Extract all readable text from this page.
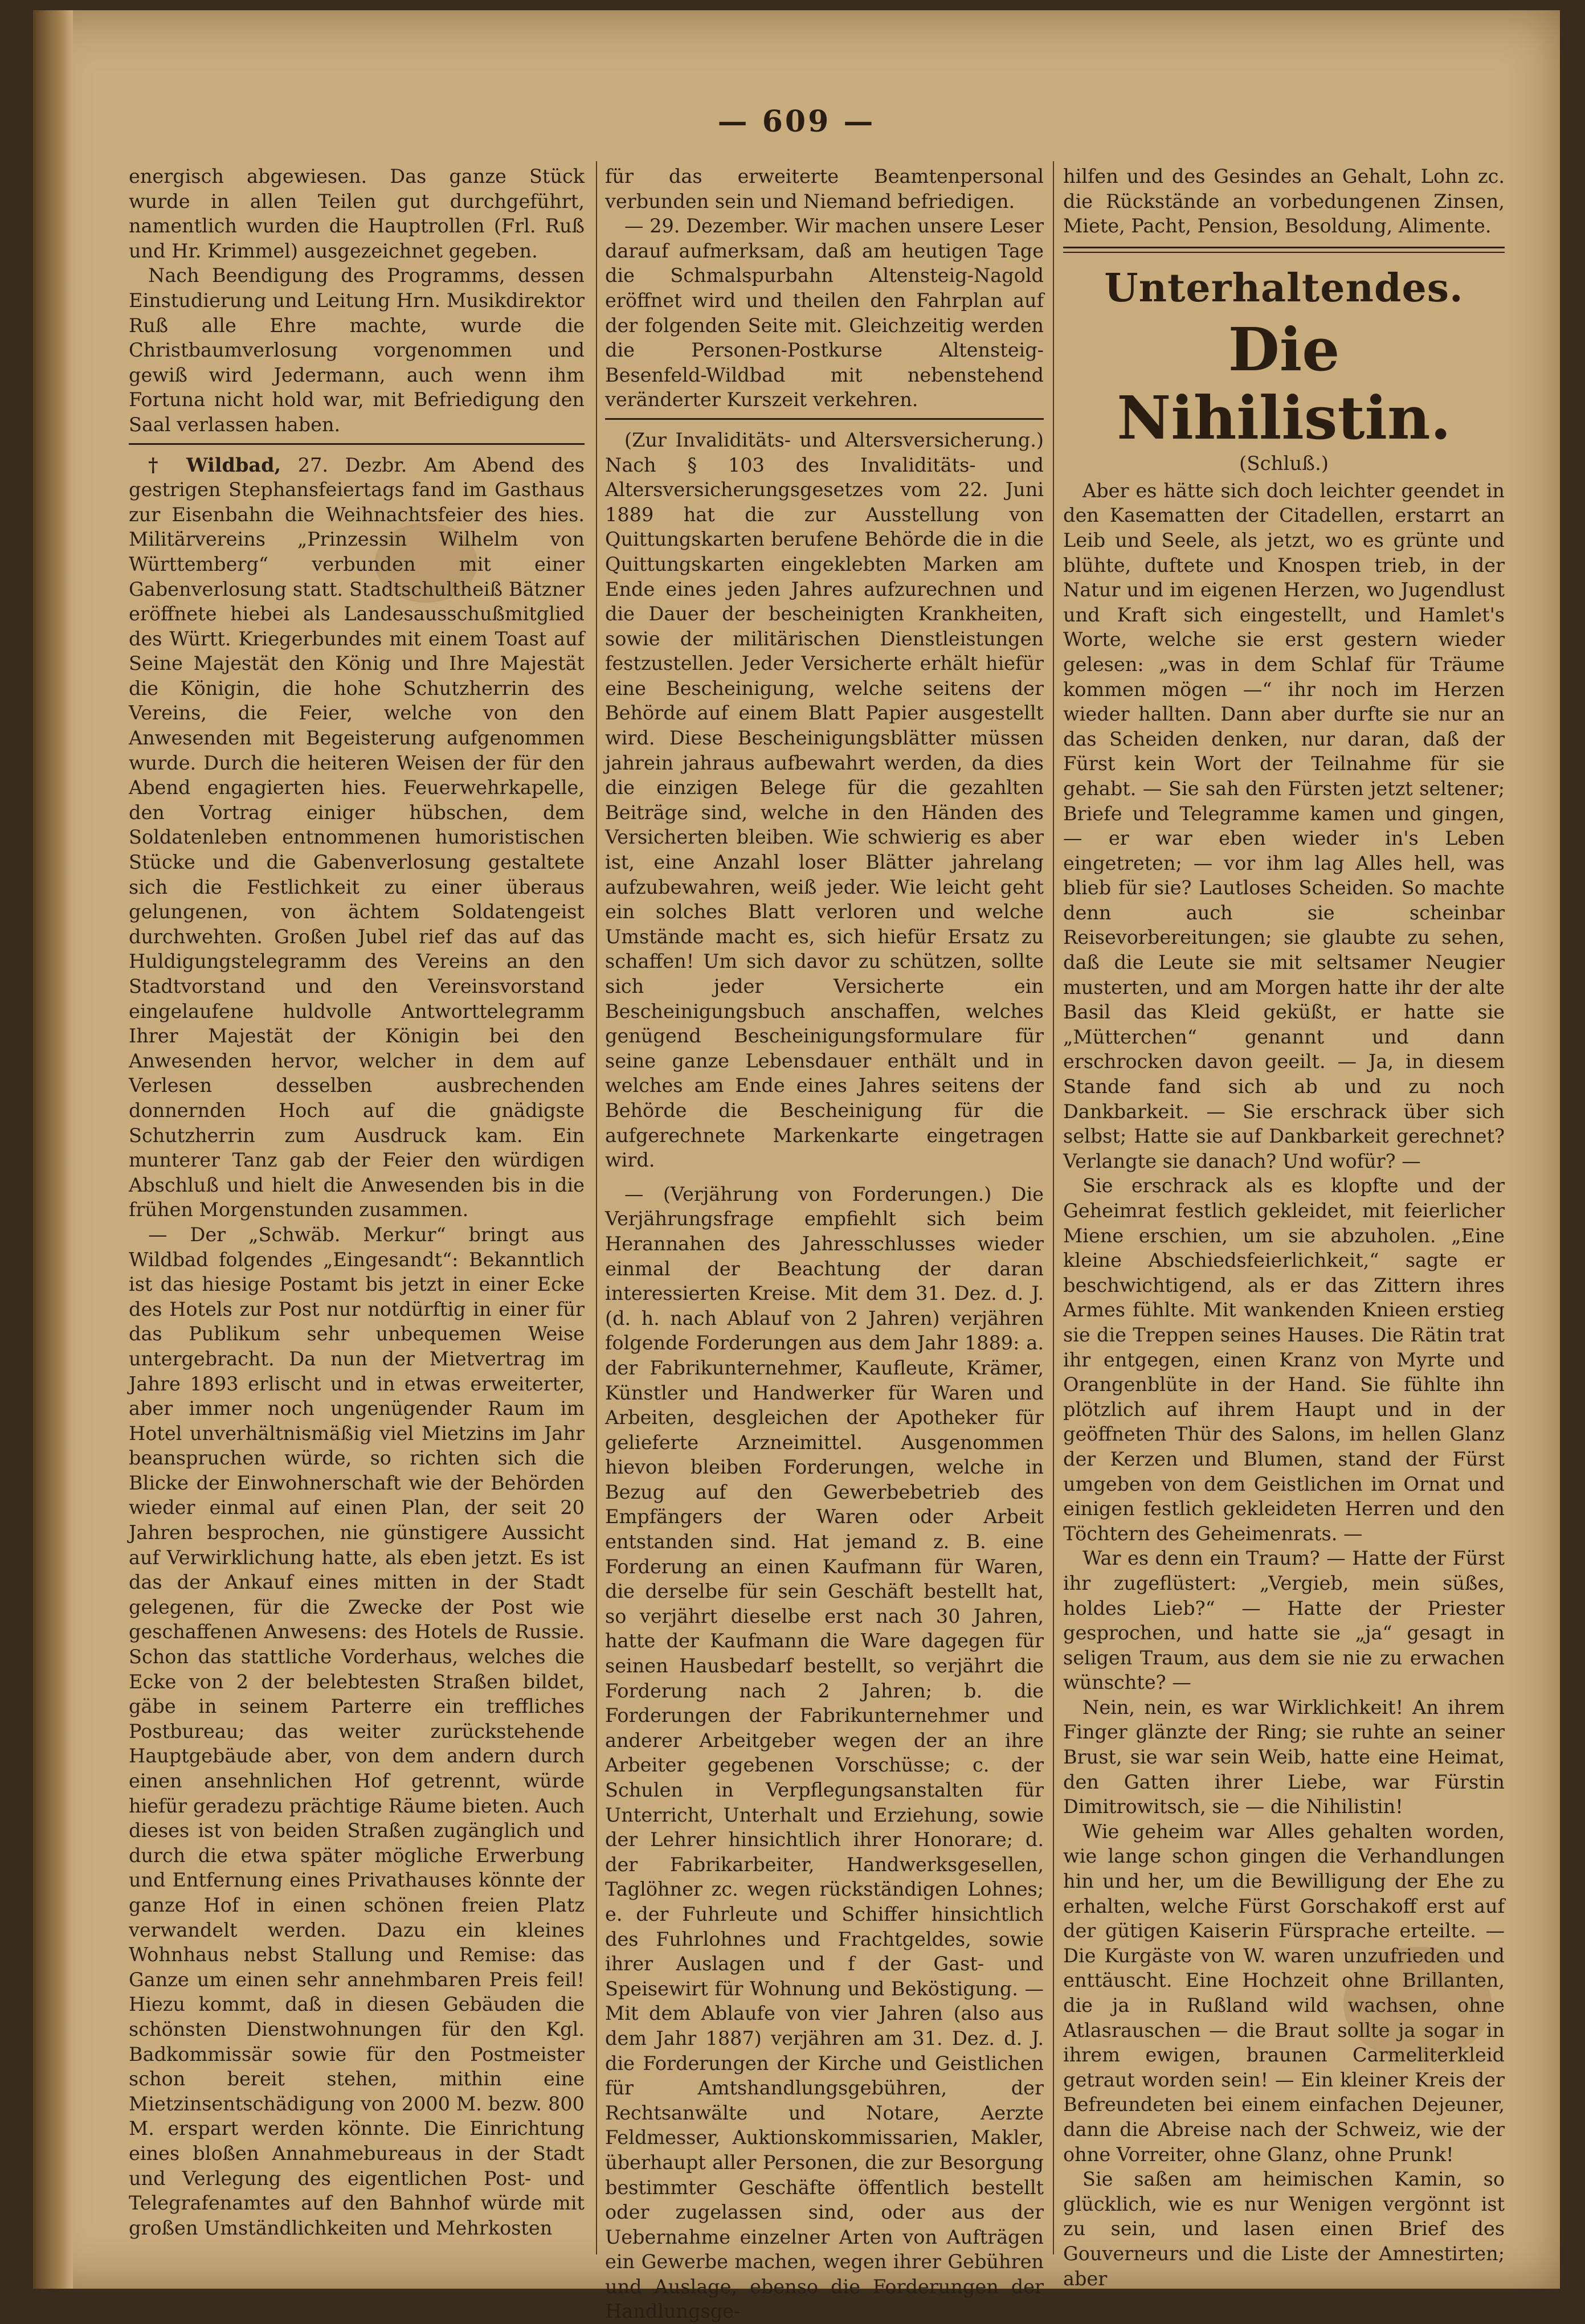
— 609 —

energisch abgewiesen. Das ganze Stück wurde in allen Teilen gut durchgeführt, namentlich wurden die Hauptrollen (Frl. Ruß und Hr. Krimmel) ausgezeichnet gegeben.

Nach Beendigung des Programms, dessen Einstudierung und Leitung Hrn. Musikdirektor Ruß alle Ehre machte, wurde die Christbaumverlosung vorgenommen und gewiß wird Jedermann, auch wenn ihm Fortuna nicht hold war, mit Befriedigung den Saal verlassen haben.

† Wildbad, 27. Dezbr. Am Abend des gestrigen Stephansfeiertags fand im Gasthaus zur Eisenbahn die Weihnachtsfeier des hies. Militärvereins „Prinzessin Wilhelm von Württemberg“ verbunden mit einer Gabenverlosung statt. Stadtschultheiß Bätzner eröffnete hiebei als Landesausschußmitglied des Württ. Kriegerbundes mit einem Toast auf Seine Majestät den König und Ihre Majestät die Königin, die hohe Schutzherrin des Vereins, die Feier, welche von den Anwesenden mit Begeisterung aufgenommen wurde. Durch die heiteren Weisen der für den Abend engagierten hies. Feuerwehrkapelle, den Vortrag einiger hübschen, dem Soldatenleben entnommenen humoristischen Stücke und die Gabenverlosung gestaltete sich die Festlichkeit zu einer überaus gelungenen, von ächtem Soldatengeist durchwehten. Großen Jubel rief das auf das Huldigungstelegramm des Vereins an den Stadtvorstand und den Vereinsvorstand eingelaufene huldvolle Antworttelegramm Ihrer Majestät der Königin bei den Anwesenden hervor, welcher in dem auf Verlesen desselben ausbrechenden donnernden Hoch auf die gnädigste Schutzherrin zum Ausdruck kam. Ein munterer Tanz gab der Feier den würdigen Abschluß und hielt die Anwesenden bis in die frühen Morgenstunden zusammen.

— Der „Schwäb. Merkur“ bringt aus Wildbad folgendes „Eingesandt“: Bekanntlich ist das hiesige Postamt bis jetzt in einer Ecke des Hotels zur Post nur notdürftig in einer für das Publikum sehr unbequemen Weise untergebracht. Da nun der Mietvertrag im Jahre 1893 erlischt und in etwas erweiterter, aber immer noch ungenügender Raum im Hotel unverhältnismäßig viel Mietzins im Jahr beanspruchen würde, so richten sich die Blicke der Einwohnerschaft wie der Behörden wieder einmal auf einen Plan, der seit 20 Jahren besprochen, nie günstigere Aussicht auf Verwirklichung hatte, als eben jetzt. Es ist das der Ankauf eines mitten in der Stadt gelegenen, für die Zwecke der Post wie geschaffenen Anwesens: des Hotels de Russie. Schon das stattliche Vorderhaus, welches die Ecke von 2 der belebtesten Straßen bildet, gäbe in seinem Parterre ein treffliches Postbureau; das weiter zurückstehende Hauptgebäude aber, von dem andern durch einen ansehnlichen Hof getrennt, würde hiefür geradezu prächtige Räume bieten. Auch dieses ist von beiden Straßen zugänglich und durch die etwa später mögliche Erwerbung und Entfernung eines Privathauses könnte der ganze Hof in einen schönen freien Platz verwandelt werden. Dazu ein kleines Wohnhaus nebst Stallung und Remise: das Ganze um einen sehr annehmbaren Preis feil! Hiezu kommt, daß in diesen Gebäuden die schönsten Dienstwohnungen für den Kgl. Badkommissär sowie für den Postmeister schon bereit stehen, mithin eine Mietzinsentschädigung von 2000 M. bezw. 800 M. erspart werden könnte. Die Einrichtung eines bloßen Annahmebureaus in der Stadt und Verlegung des eigentlichen Post- und Telegrafenamtes auf den Bahnhof würde mit großen Umständlichkeiten und Mehrkosten

für das erweiterte Beamtenpersonal verbunden sein und Niemand befriedigen.

— 29. Dezember. Wir machen unsere Leser darauf aufmerksam, daß am heutigen Tage die Schmalspurbahn Altensteig-Nagold eröffnet wird und theilen den Fahrplan auf der folgenden Seite mit. Gleichzeitig werden die Personen-Postkurse Altensteig-Besenfeld-Wildbad mit nebenstehend veränderter Kurszeit verkehren.

(Zur Invaliditäts- und Altersversicherung.) Nach § 103 des Invaliditäts- und Altersversicherungsgesetzes vom 22. Juni 1889 hat die zur Ausstellung von Quittungskarten berufene Behörde die in die Quittungskarten eingeklebten Marken am Ende eines jeden Jahres aufzurechnen und die Dauer der bescheinigten Krankheiten, sowie der militärischen Dienstleistungen festzustellen. Jeder Versicherte erhält hiefür eine Bescheinigung, welche seitens der Behörde auf einem Blatt Papier ausgestellt wird. Diese Bescheinigungsblätter müssen jahrein jahraus aufbewahrt werden, da dies die einzigen Belege für die gezahlten Beiträge sind, welche in den Händen des Versicherten bleiben. Wie schwierig es aber ist, eine Anzahl loser Blätter jahrelang aufzubewahren, weiß jeder. Wie leicht geht ein solches Blatt verloren und welche Umstände macht es, sich hiefür Ersatz zu schaffen! Um sich davor zu schützen, sollte sich jeder Versicherte ein Bescheinigungsbuch anschaffen, welches genügend Bescheinigungsformulare für seine ganze Lebensdauer enthält und in welches am Ende eines Jahres seitens der Behörde die Bescheinigung für die aufgerechnete Markenkarte eingetragen wird.

— (Verjährung von Forderungen.) Die Verjährungsfrage empfiehlt sich beim Herannahen des Jahresschlusses wieder einmal der Beachtung der daran interessierten Kreise. Mit dem 31. Dez. d. J. (d. h. nach Ablauf von 2 Jahren) verjähren folgende Forderungen aus dem Jahr 1889: a. der Fabrikunternehmer, Kaufleute, Krämer, Künstler und Handwerker für Waren und Arbeiten, desgleichen der Apotheker für gelieferte Arzneimittel. Ausgenommen hievon bleiben Forderungen, welche in Bezug auf den Gewerbebetrieb des Empfängers der Waren oder Arbeit entstanden sind. Hat jemand z. B. eine Forderung an einen Kaufmann für Waren, die derselbe für sein Geschäft bestellt hat, so verjährt dieselbe erst nach 30 Jahren, hatte der Kaufmann die Ware dagegen für seinen Hausbedarf bestellt, so verjährt die Forderung nach 2 Jahren; b. die Forderungen der Fabrikunternehmer und anderer Arbeitgeber wegen der an ihre Arbeiter gegebenen Vorschüsse; c. der Schulen in Verpflegungsanstalten für Unterricht, Unterhalt und Erziehung, sowie der Lehrer hinsichtlich ihrer Honorare; d. der Fabrikarbeiter, Handwerksgesellen, Taglöhner zc. wegen rückständigen Lohnes; e. der Fuhrleute und Schiffer hinsichtlich des Fuhrlohnes und Frachtgeldes, sowie ihrer Auslagen und f der Gast- und Speisewirt für Wohnung und Beköstigung. — Mit dem Ablaufe von vier Jahren (also aus dem Jahr 1887) verjähren am 31. Dez. d. J. die Forderungen der Kirche und Geistlichen für Amtshandlungsgebühren, der Rechtsanwälte und Notare, Aerzte Feldmesser, Auktionskommissarien, Makler, überhaupt aller Personen, die zur Besorgung bestimmter Geschäfte öffentlich bestellt oder zugelassen sind, oder aus der Uebernahme einzelner Arten von Aufträgen ein Gewerbe machen, wegen ihrer Gebühren und Auslage, ebenso die Forderungen der Handlungsge-

hilfen und des Gesindes an Gehalt, Lohn zc. die Rückstände an vorbedungenen Zinsen, Miete, Pacht, Pension, Besoldung, Alimente.

Unterhaltendes.
Die Nihilistin.
(Schluß.)

Aber es hätte sich doch leichter geendet in den Kasematten der Citadellen, erstarrt an Leib und Seele, als jetzt, wo es grünte und blühte, duftete und Knospen trieb, in der Natur und im eigenen Herzen, wo Jugendlust und Kraft sich eingestellt, und Hamlet's Worte, welche sie erst gestern wieder gelesen: „was in dem Schlaf für Träume kommen mögen —“ ihr noch im Herzen wieder hallten. Dann aber durfte sie nur an das Scheiden denken, nur daran, daß der Fürst kein Wort der Teilnahme für sie gehabt. — Sie sah den Fürsten jetzt seltener; Briefe und Telegramme kamen und gingen, — er war eben wieder in's Leben eingetreten; — vor ihm lag Alles hell, was blieb für sie? Lautloses Scheiden. So machte denn auch sie scheinbar Reisevorbereitungen; sie glaubte zu sehen, daß die Leute sie mit seltsamer Neugier musterten, und am Morgen hatte ihr der alte Basil das Kleid geküßt, er hatte sie „Mütterchen“ genannt und dann erschrocken davon geeilt. — Ja, in diesem Stande fand sich ab und zu noch Dankbarkeit. — Sie erschrack über sich selbst; Hatte sie auf Dankbarkeit gerechnet? Verlangte sie danach? Und wofür? —

Sie erschrack als es klopfte und der Geheimrat festlich gekleidet, mit feierlicher Miene erschien, um sie abzuholen. „Eine kleine Abschiedsfeierlichkeit,“ sagte er beschwichtigend, als er das Zittern ihres Armes fühlte. Mit wankenden Knieen erstieg sie die Treppen seines Hauses. Die Rätin trat ihr entgegen, einen Kranz von Myrte und Orangenblüte in der Hand. Sie fühlte ihn plötzlich auf ihrem Haupt und in der geöffneten Thür des Salons, im hellen Glanz der Kerzen und Blumen, stand der Fürst umgeben von dem Geistlichen im Ornat und einigen festlich gekleideten Herren und den Töchtern des Geheimenrats. —

War es denn ein Traum? — Hatte der Fürst ihr zugeflüstert: „Vergieb, mein süßes, holdes Lieb?“ — Hatte der Priester gesprochen, und hatte sie „ja“ gesagt in seligen Traum, aus dem sie nie zu erwachen wünschte? —

Nein, nein, es war Wirklichkeit! An ihrem Finger glänzte der Ring; sie ruhte an seiner Brust, sie war sein Weib, hatte eine Heimat, den Gatten ihrer Liebe, war Fürstin Dimitrowitsch, sie — die Nihilistin!

Wie geheim war Alles gehalten worden, wie lange schon gingen die Verhandlungen hin und her, um die Bewilligung der Ehe zu erhalten, welche Fürst Gorschakoff erst auf der gütigen Kaiserin Fürsprache erteilte. — Die Kurgäste von W. waren unzufrieden und enttäuscht. Eine Hochzeit ohne Brillanten, die ja in Rußland wild wachsen, ohne Atlasrauschen — die Braut sollte ja sogar in ihrem ewigen, braunen Carmeliterkleid getraut worden sein! — Ein kleiner Kreis der Befreundeten bei einem einfachen Dejeuner, dann die Abreise nach der Schweiz, wie der ohne Vorreiter, ohne Glanz, ohne Prunk!

Sie saßen am heimischen Kamin, so glücklich, wie es nur Wenigen vergönnt ist zu sein, und lasen einen Brief des Gouverneurs und die Liste der Amnestirten; aber
